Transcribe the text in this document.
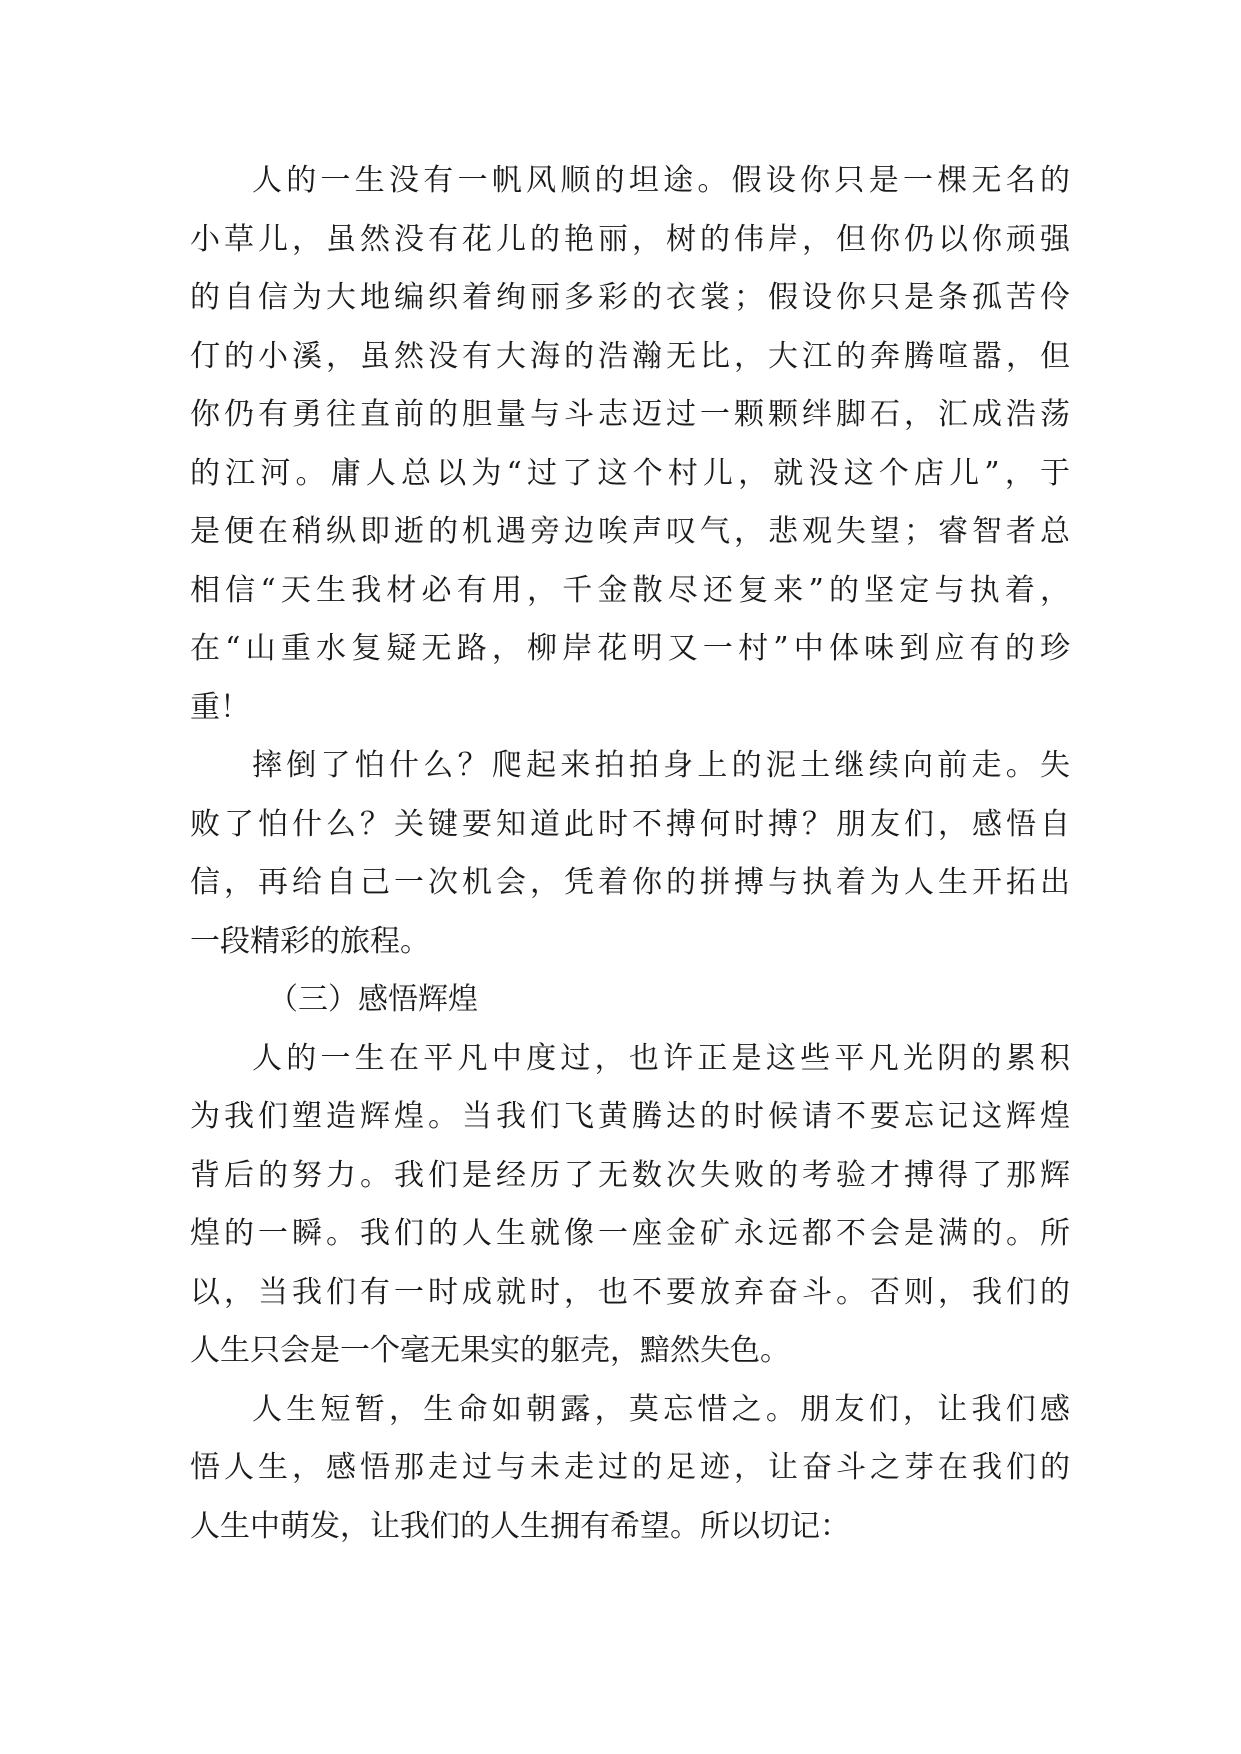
人的一生没有一帆风顺的坦途。假设你只是一棵无名的
小草儿，虽然没有花儿的艳丽，树的伟岸，但你仍以你顽强
的自信为大地编织着绚丽多彩的衣裳；假设你只是条孤苦伶
仃的小溪，虽然没有大海的浩瀚无比，大江的奔腾喧嚣，但
你仍有勇往直前的胆量与斗志迈过一颗颗绊脚石，汇成浩荡
的江河。庸人总以为“过了这个村儿，就没这个店儿”，于
是便在稍纵即逝的机遇旁边唉声叹气，悲观失望；睿智者总
相信“天生我材必有用，千金散尽还复来”的坚定与执着，
在“山重水复疑无路，柳岸花明又一村”中体味到应有的珍
重！
摔倒了怕什么？爬起来拍拍身上的泥土继续向前走。失
败了怕什么？关键要知道此时不搏何时搏？朋友们，感悟自
信，再给自己一次机会，凭着你的拼搏与执着为人生开拓出
一段精彩的旅程。
（三）感悟辉煌
人的一生在平凡中度过，也许正是这些平凡光阴的累积
为我们塑造辉煌。当我们飞黄腾达的时候请不要忘记这辉煌
背后的努力。我们是经历了无数次失败的考验才搏得了那辉
煌的一瞬。我们的人生就像一座金矿永远都不会是满的。所
以，当我们有一时成就时，也不要放弃奋斗。否则，我们的
人生只会是一个毫无果实的躯壳，黯然失色。
人生短暂，生命如朝露，莫忘惜之。朋友们，让我们感
悟人生，感悟那走过与未走过的足迹，让奋斗之芽在我们的
人生中萌发，让我们的人生拥有希望。所以切记：
